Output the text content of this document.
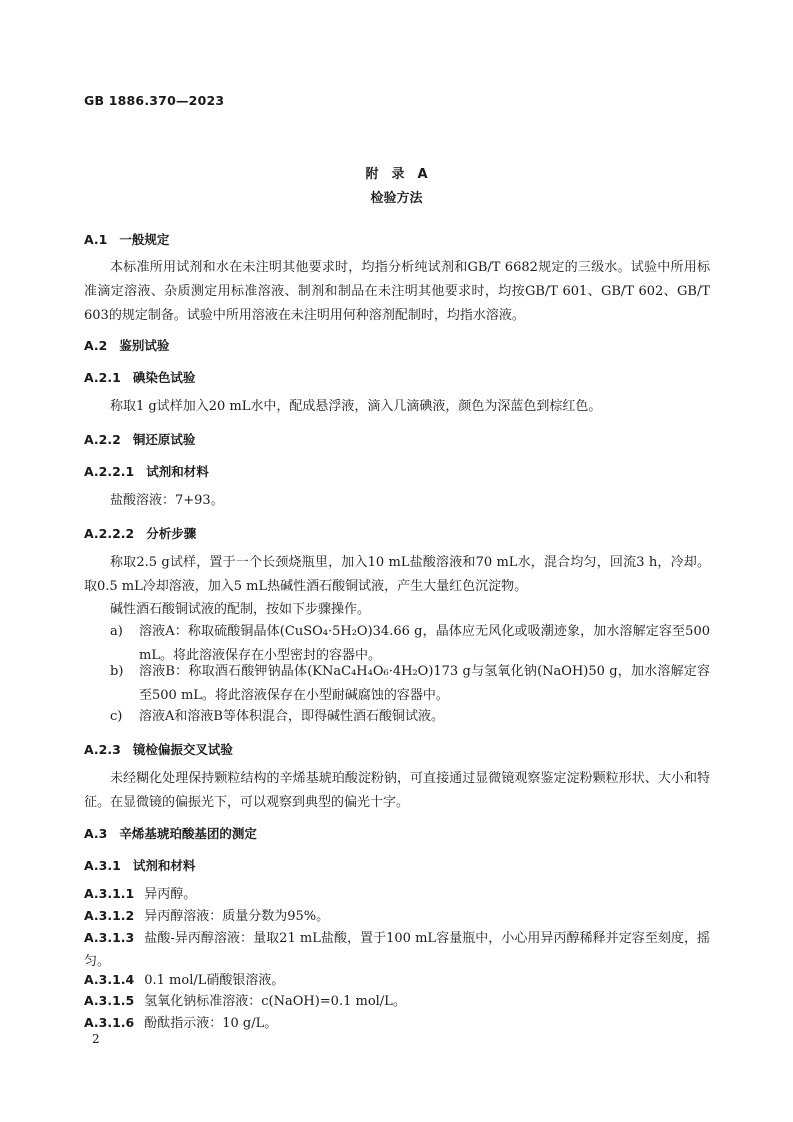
GB 1886.370—2023
附　录　A
检验方法
A.1 一般规定

本标准所用试剂和水在未注明其他要求时，均指分析纯试剂和GB/T 6682规定的三级水。试验中所用标准滴定溶液、杂质测定用标准溶液、制剂和制品在未注明其他要求时，均按GB/T 601、GB/T 602、GB/T 603的规定制备。试验中所用溶液在未注明用何种溶剂配制时，均指水溶液。

A.2 鉴别试验
A.2.1 碘染色试验

称取1 g试样加入20 mL水中，配成悬浮液，滴入几滴碘液，颜色为深蓝色到棕红色。

A.2.2 铜还原试验
A.2.2.1 试剂和材料

盐酸溶液：7+93。

A.2.2.2 分析步骤

称取2.5 g试样，置于一个长颈烧瓶里，加入10 mL盐酸溶液和70 mL水，混合均匀，回流3 h，冷却。取0.5 mL冷却溶液，加入5 mL热碱性酒石酸铜试液，产生大量红色沉淀物。

碱性酒石酸铜试液的配制，按如下步骤操作。

a) 溶液A：称取硫酸铜晶体(CuSO₄·5H₂O)34.66 g，晶体应无风化或吸潮迹象，加水溶解定容至500 mL。将此溶液保存在小型密封的容器中。
b) 溶液B：称取酒石酸钾钠晶体(KNaC₄H₄O₆·4H₂O)173 g与氢氧化钠(NaOH)50 g，加水溶解定容至500 mL。将此溶液保存在小型耐碱腐蚀的容器中。
c) 溶液A和溶液B等体积混合，即得碱性酒石酸铜试液。
A.2.3 镜检偏振交叉试验

未经糊化处理保持颗粒结构的辛烯基琥珀酸淀粉钠，可直接通过显微镜观察鉴定淀粉颗粒形状、大小和特征。在显微镜的偏振光下，可以观察到典型的偏光十字。

A.3 辛烯基琥珀酸基团的测定
A.3.1 试剂和材料

A.3.1.1 异丙醇。

A.3.1.2 异丙醇溶液：质量分数为95%。

A.3.1.3 盐酸-异丙醇溶液：量取21 mL盐酸，置于100 mL容量瓶中，小心用异丙醇稀释并定容至刻度，摇匀。

A.3.1.4 0.1 mol/L硝酸银溶液。

A.3.1.5 氢氧化钠标准溶液：c(NaOH)=0.1 mol/L。

A.3.1.6 酚酞指示液：10 g/L。

2
